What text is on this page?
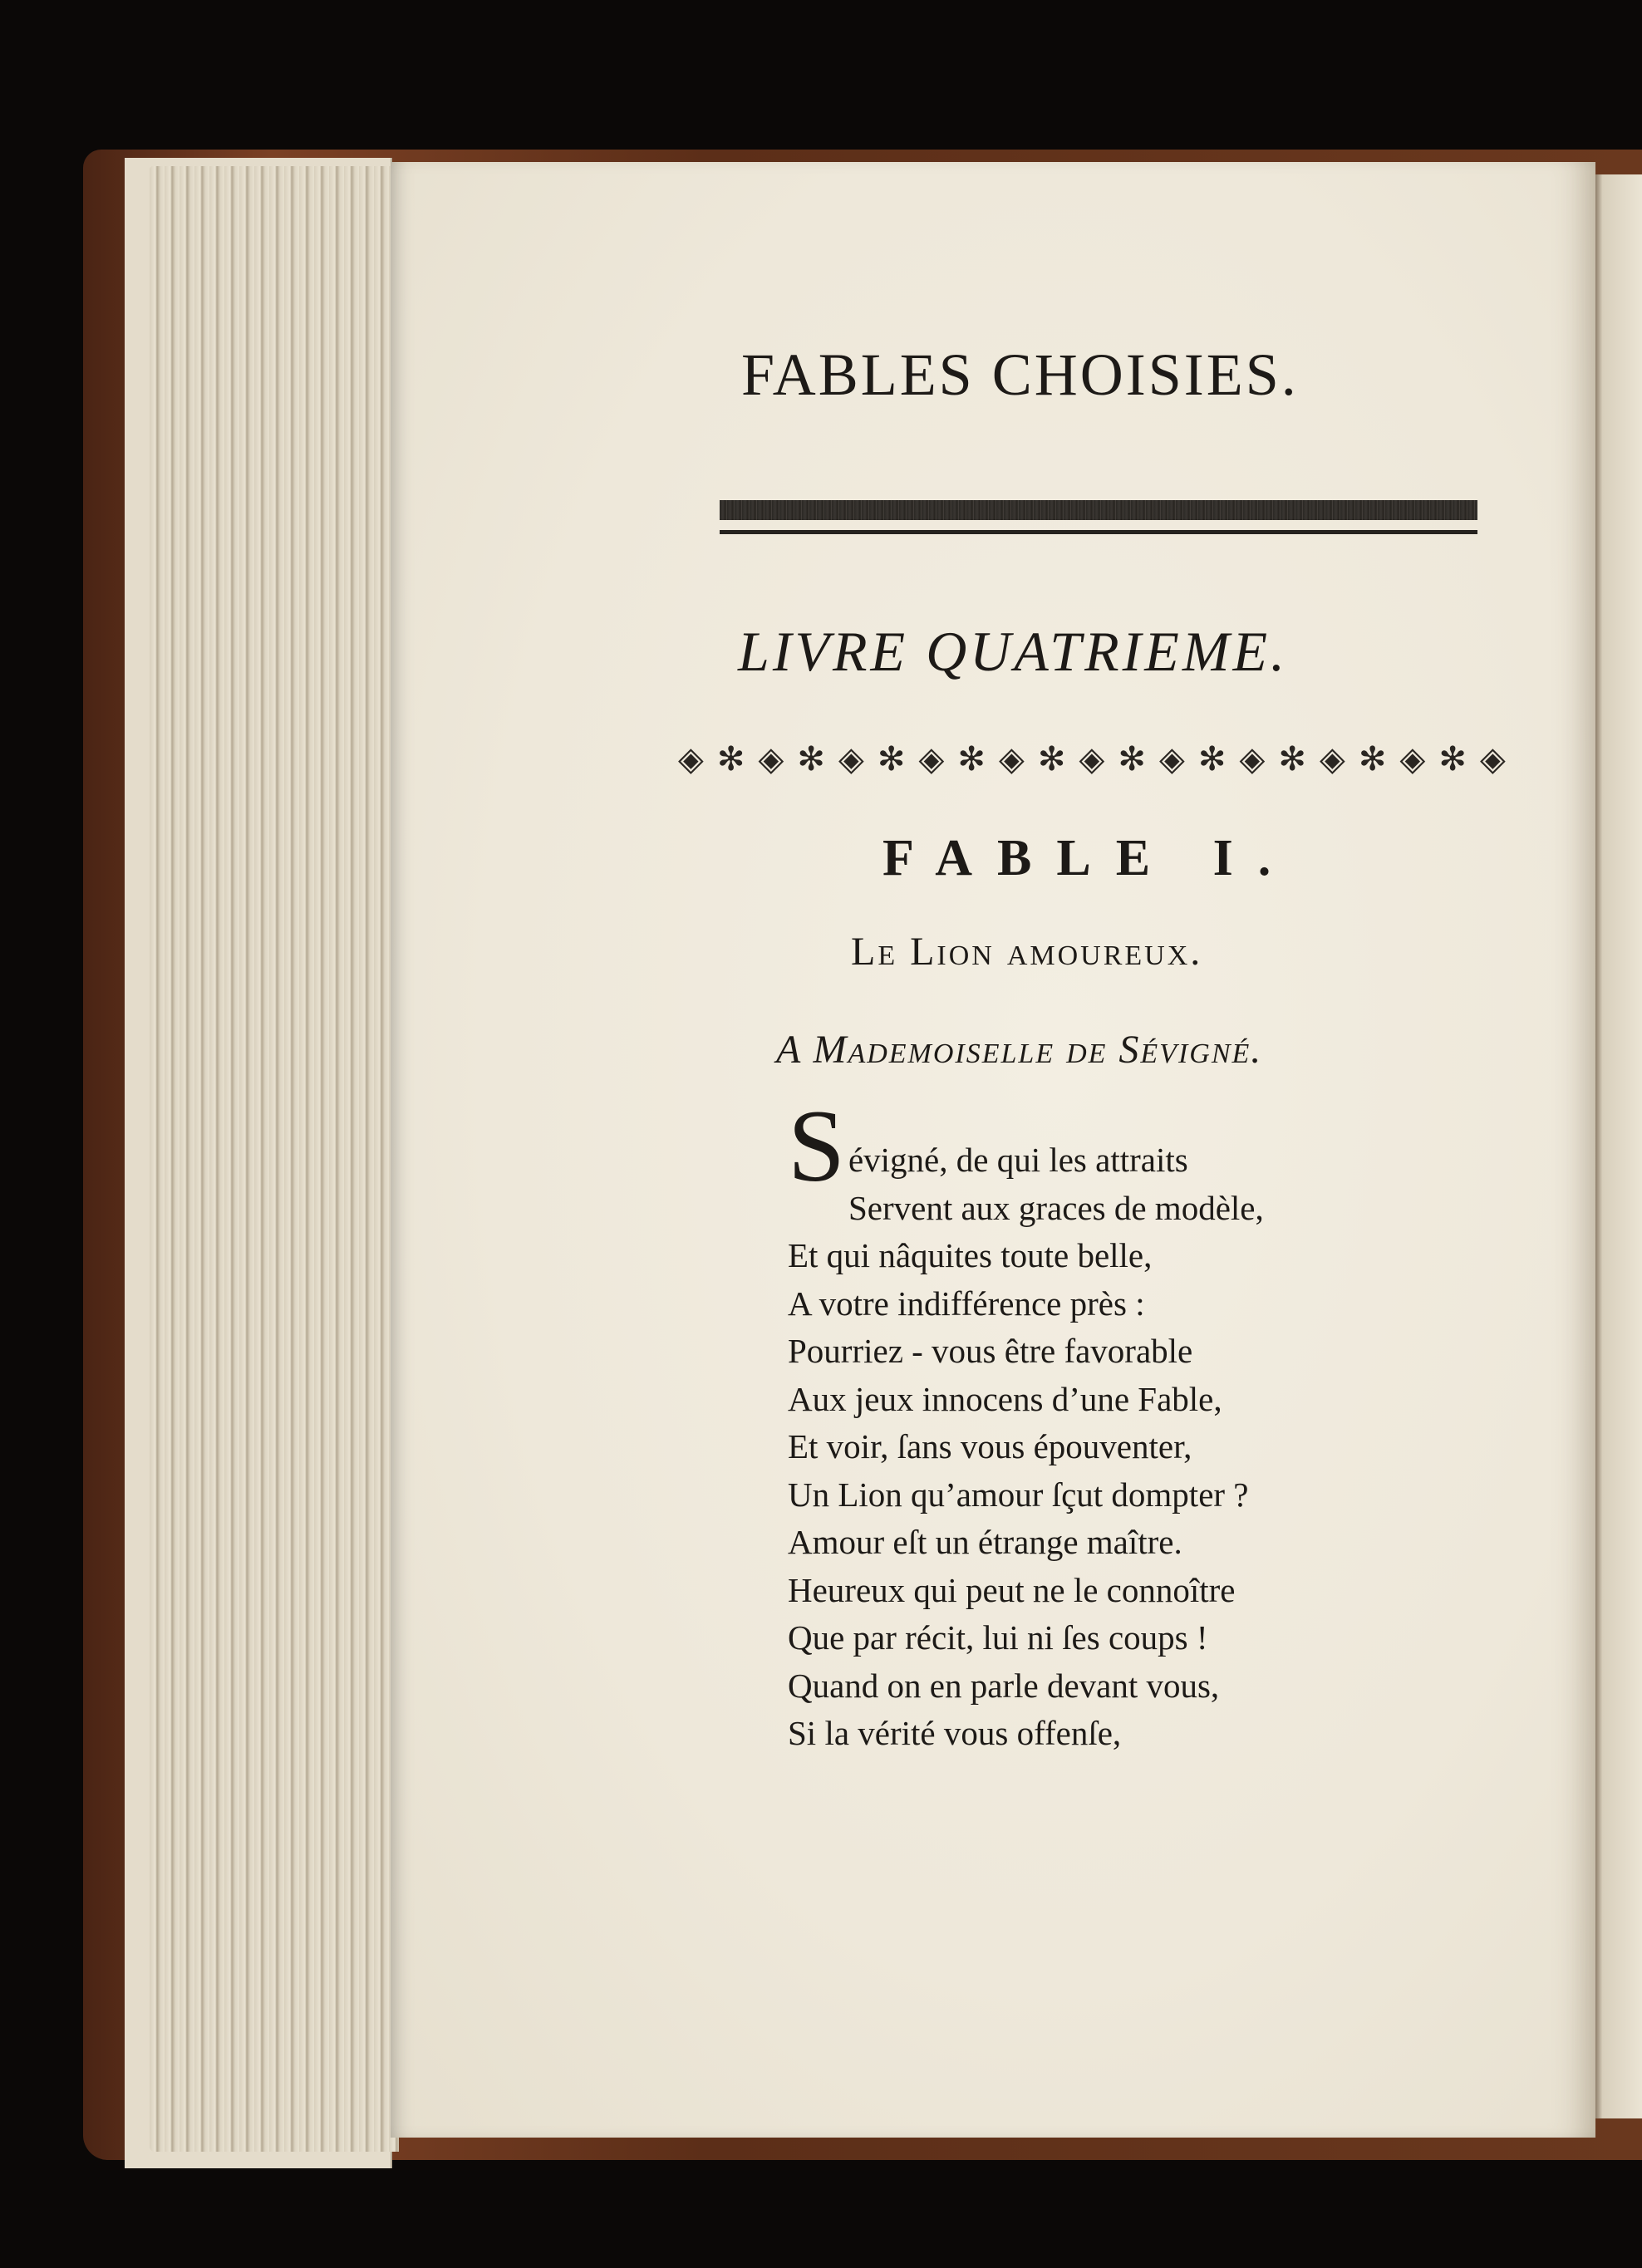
FABLES CHOISIES.
LIVRE QUATRIEME.
◈ ✻ ◈ ✻ ◈ ✻ ◈ ✻ ◈ ✻ ◈ ✻ ◈ ✻ ◈ ✻ ◈ ✻ ◈ ✻ ◈
FABLE I.
Le Lion amoureux.
A Mademoiselle de Sévigné.
S évigné, de qui les attraits
Servent aux graces de modèle,
Et qui nâquites toute belle,
A votre indifférence près :
Pourriez - vous être favorable
Aux jeux innocens d’une Fable,
Et voir, ſans vous épouventer,
Un Lion qu’amour ſçut dompter ?
Amour eſt un étrange maître.
Heureux qui peut ne le connoître
Que par récit, lui ni ſes coups !
Quand on en parle devant vous,
Si la vérité vous offenſe,
